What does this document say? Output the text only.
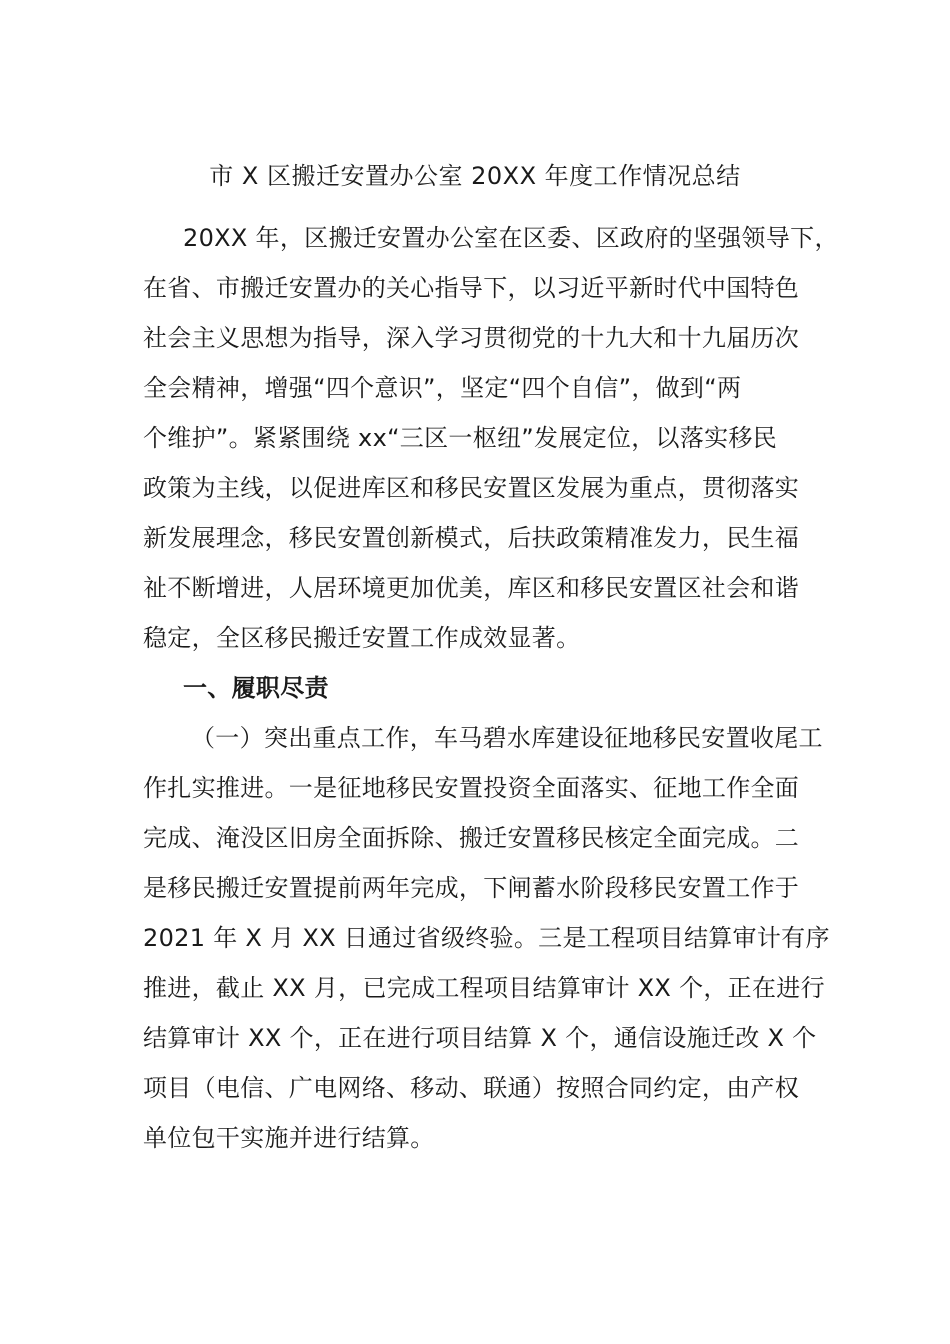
市 X 区搬迁安置办公室 20XX 年度工作情况总结
20XX 年，区搬迁安置办公室在区委、区政府的坚强领导下，
在省、市搬迁安置办的关心指导下，以习近平新时代中国特色
社会主义思想为指导，深入学习贯彻党的十九大和十九届历次
全会精神，增强“四个意识”，坚定“四个自信”，做到“两
个维护”。紧紧围绕 xx“三区一枢纽”发展定位，以落实移民
政策为主线，以促进库区和移民安置区发展为重点，贯彻落实
新发展理念，移民安置创新模式，后扶政策精准发力，民生福
祉不断增进，人居环境更加优美，库区和移民安置区社会和谐
稳定，全区移民搬迁安置工作成效显著。
一、履职尽责
（一）突出重点工作，车马碧水库建设征地移民安置收尾工
作扎实推进。一是征地移民安置投资全面落实、征地工作全面
完成、淹没区旧房全面拆除、搬迁安置移民核定全面完成。二
是移民搬迁安置提前两年完成，下闸蓄水阶段移民安置工作于
2021 年 X 月 XX 日通过省级终验。三是工程项目结算审计有序
推进，截止 XX 月，已完成工程项目结算审计 XX 个，正在进行
结算审计 XX 个，正在进行项目结算 X 个，通信设施迁改 X 个
项目（电信、广电网络、移动、联通）按照合同约定，由产权
单位包干实施并进行结算。
